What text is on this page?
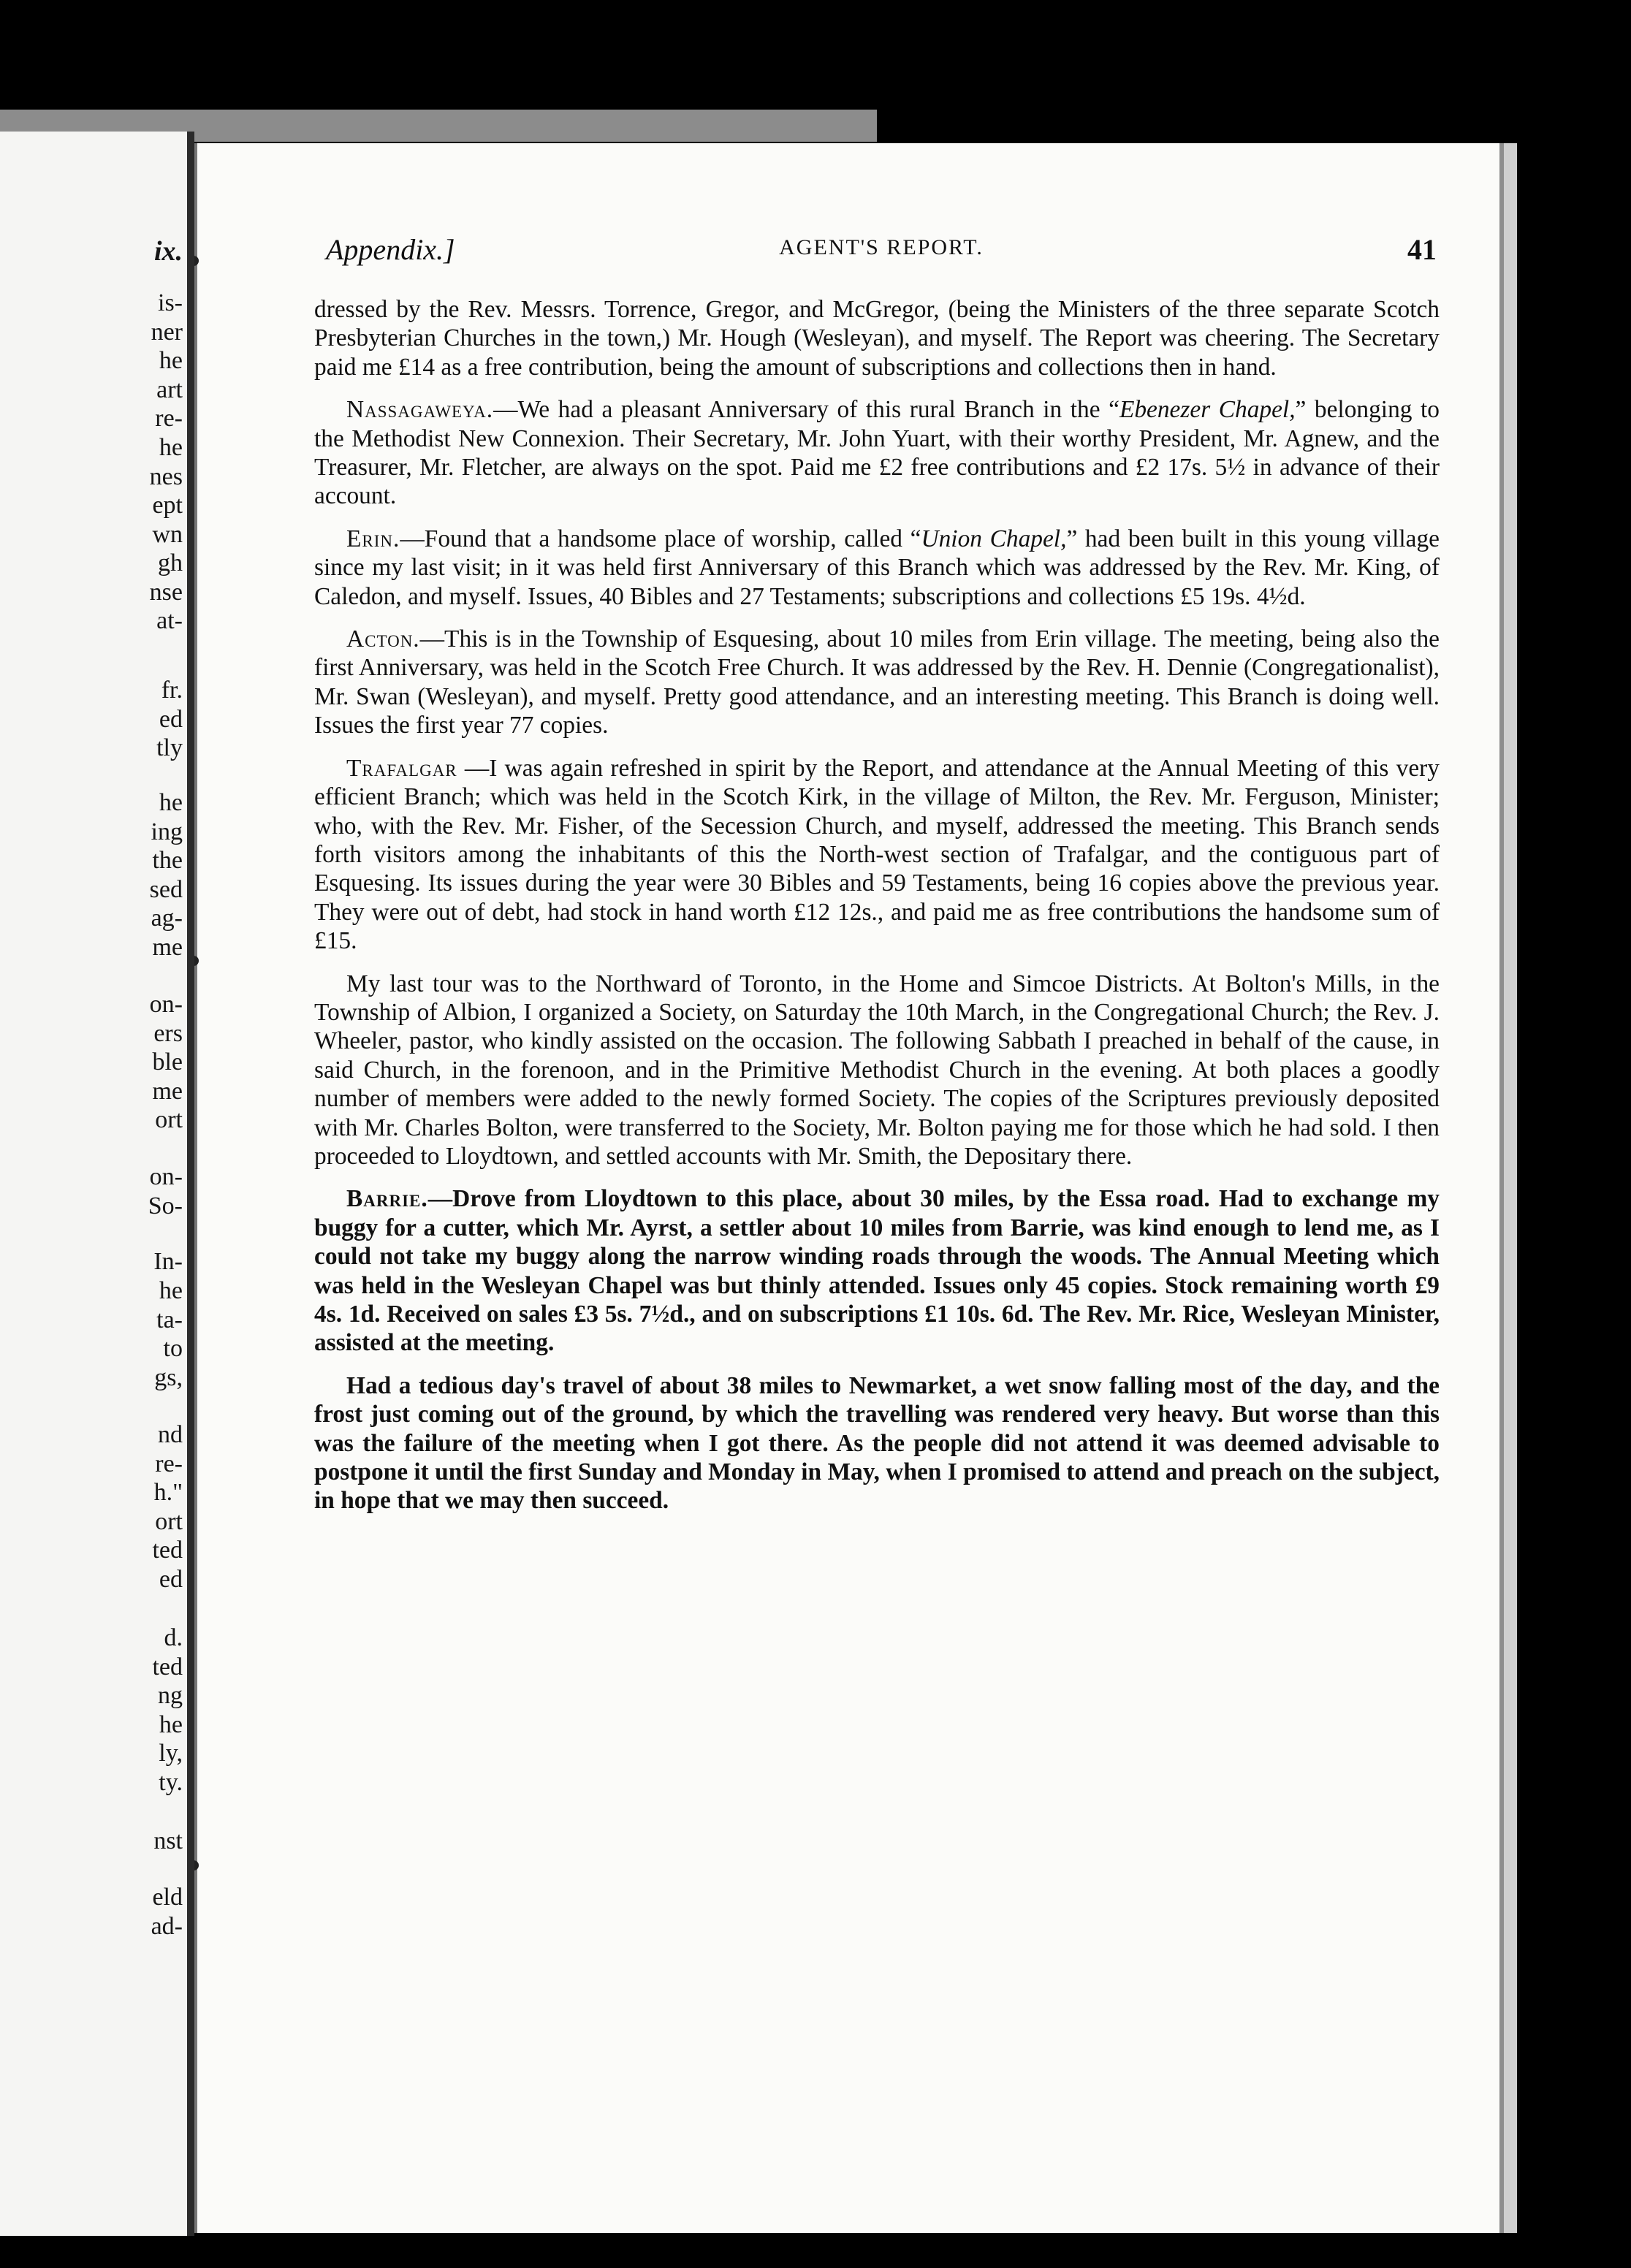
ix.
is-
ner
he
art
re-
he
nes
ept
wn
gh
nse
at-
fr.
ed
tly
he
ing
the
sed
ag-
me
on-
ers
ble
me
ort
on-
So-
In-
he
ta-
to
gs,
nd
re-
h."
ort
ted
ed
d.
ted
ng
he
ly,
ty.
nst
eld
ad-
Appendix.]	AGENT'S REPORT.	41

dressed by the Rev. Messrs. Torrence, Gregor, and McGregor, (being the Ministers of the three separate Scotch Presbyterian Churches in the town,) Mr. Hough (Wesleyan), and myself. The Report was cheering. The Secretary paid me £14 as a free contribution, being the amount of subscriptions and collections then in hand.

Nassagaweya.—We had a pleasant Anniversary of this rural Branch in the “Ebenezer Chapel,” belonging to the Methodist New Connexion. Their Secretary, Mr. John Yuart, with their worthy President, Mr. Agnew, and the Treasurer, Mr. Fletcher, are always on the spot. Paid me £2 free contributions and £2 17s. 5½ in advance of their account.

Erin.—Found that a handsome place of worship, called “Union Chapel,” had been built in this young village since my last visit; in it was held first Anniversary of this Branch which was addressed by the Rev. Mr. King, of Caledon, and myself. Issues, 40 Bibles and 27 Testaments; subscriptions and collections £5 19s. 4½d.

Acton.—This is in the Township of Esquesing, about 10 miles from Erin village. The meeting, being also the first Anniversary, was held in the Scotch Free Church. It was addressed by the Rev. H. Dennie (Congregationalist), Mr. Swan (Wesleyan), and myself. Pretty good attendance, and an interesting meeting. This Branch is doing well. Issues the first year 77 copies.

Trafalgar —I was again refreshed in spirit by the Report, and attendance at the Annual Meeting of this very efficient Branch; which was held in the Scotch Kirk, in the village of Milton, the Rev. Mr. Ferguson, Minister; who, with the Rev. Mr. Fisher, of the Secession Church, and myself, addressed the meeting. This Branch sends forth visitors among the inhabitants of this the North-west section of Trafalgar, and the contiguous part of Esquesing. Its issues during the year were 30 Bibles and 59 Testaments, being 16 copies above the previous year. They were out of debt, had stock in hand worth £12 12s., and paid me as free contributions the handsome sum of £15.

My last tour was to the Northward of Toronto, in the Home and Simcoe Districts. At Bolton's Mills, in the Township of Albion, I organized a Society, on Saturday the 10th March, in the Congregational Church; the Rev. J. Wheeler, pastor, who kindly assisted on the occasion. The following Sabbath I preached in behalf of the cause, in said Church, in the forenoon, and in the Primitive Methodist Church in the evening. At both places a goodly number of members were added to the newly formed Society. The copies of the Scriptures previously deposited with Mr. Charles Bolton, were transferred to the Society, Mr. Bolton paying me for those which he had sold. I then proceeded to Lloydtown, and settled accounts with Mr. Smith, the Depositary there.

Barrie.—Drove from Lloydtown to this place, about 30 miles, by the Essa road. Had to exchange my buggy for a cutter, which Mr. Ayrst, a settler about 10 miles from Barrie, was kind enough to lend me, as I could not take my buggy along the narrow winding roads through the woods. The Annual Meeting which was held in the Wesleyan Chapel was but thinly attended. Issues only 45 copies. Stock remaining worth £9 4s. 1d. Received on sales £3 5s. 7½d., and on subscriptions £1 10s. 6d. The Rev. Mr. Rice, Wesleyan Minister, assisted at the meeting.

Had a tedious day's travel of about 38 miles to Newmarket, a wet snow falling most of the day, and the frost just coming out of the ground, by which the travelling was rendered very heavy. But worse than this was the failure of the meeting when I got there. As the people did not attend it was deemed advisable to postpone it until the first Sunday and Monday in May, when I promised to attend and preach on the subject, in hope that we may then succeed.
